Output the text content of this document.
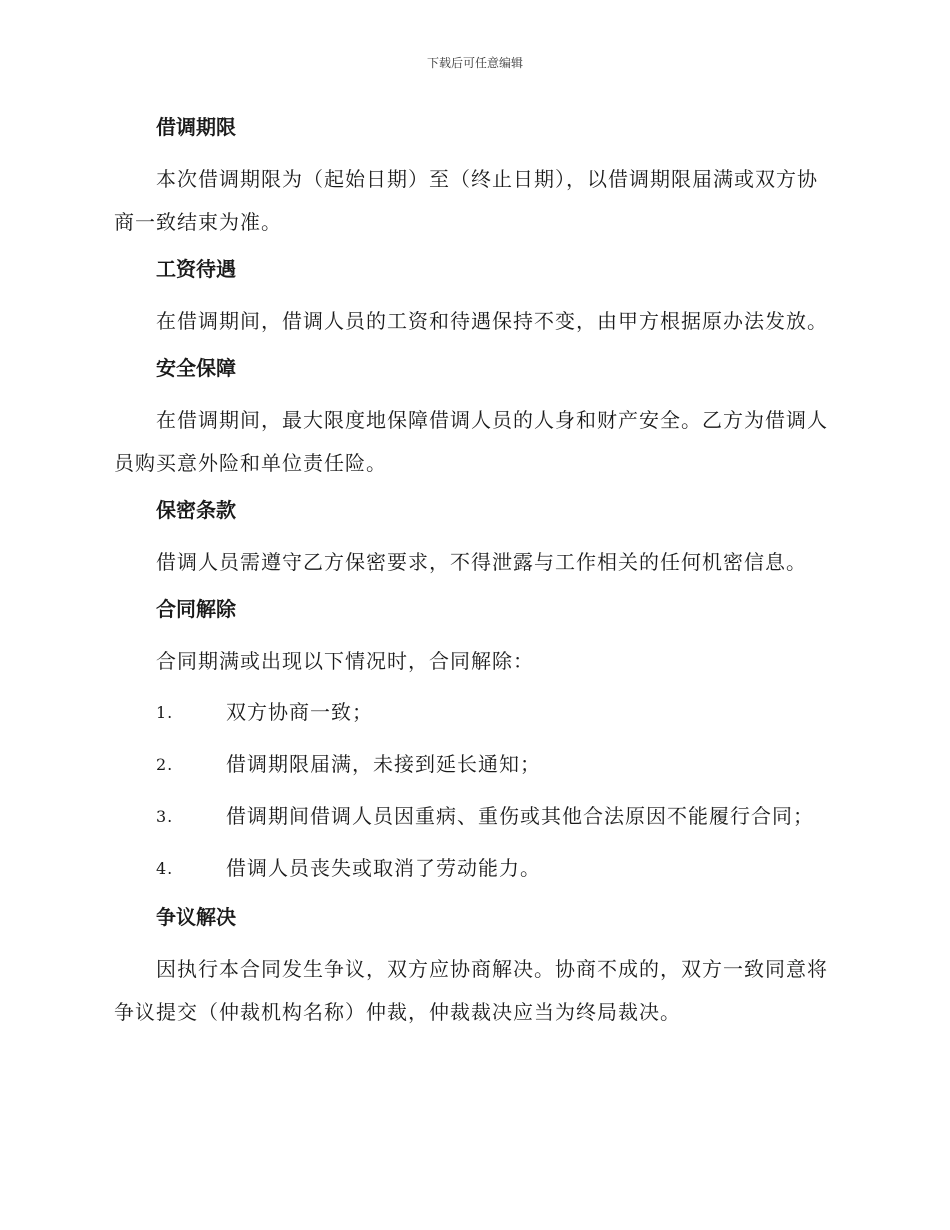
下载后可任意编辑
借调期限

本次借调期限为（起始日期）至（终止日期），以借调期限届满或双方协商一致结束为准。

工资待遇

在借调期间，借调人员的工资和待遇保持不变，由甲方根据原办法发放。

安全保障

在借调期间，最大限度地保障借调人员的人身和财产安全。乙方为借调人员购买意外险和单位责任险。

保密条款

借调人员需遵守乙方保密要求，不得泄露与工作相关的任何机密信息。

合同解除

合同期满或出现以下情况时，合同解除：

1.	双方协商一致；
2.	借调期限届满，未接到延长通知；
3.	借调期间借调人员因重病、重伤或其他合法原因不能履行合同；
4.	借调人员丧失或取消了劳动能力。
争议解决

因执行本合同发生争议，双方应协商解决。协商不成的，双方一致同意将争议提交（仲裁机构名称）仲裁，仲裁裁决应当为终局裁决。
